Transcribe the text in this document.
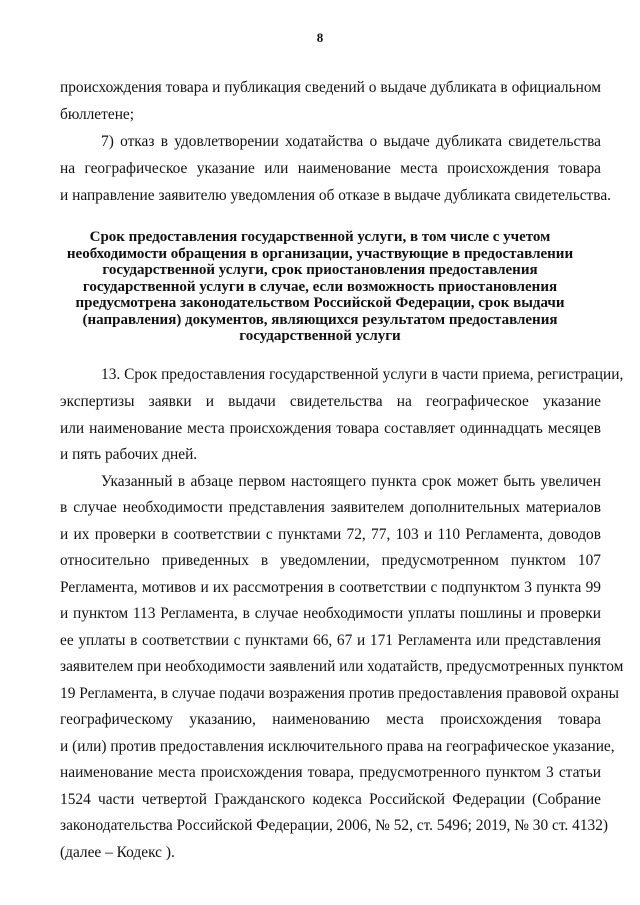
8
происхождения товара и публикация сведений о выдаче дубликата в официальном
бюллетене;
7) отказ в удовлетворении ходатайства о выдаче дубликата свидетельства
на географическое указание или наименование места происхождения товара
и направление заявителю уведомления об отказе в выдаче дубликата свидетельства.
Срок предоставления государственной услуги, в том числе с учетом
необходимости обращения в организации, участвующие в предоставлении
государственной услуги, срок приостановления предоставления
государственной услуги в случае, если возможность приостановления
предусмотрена законодательством Российской Федерации, срок выдачи
(направления) документов, являющихся результатом предоставления
государственной услуги
13. Срок предоставления государственной услуги в части приема, регистрации,
экспертизы заявки и выдачи свидетельства на географическое указание
или наименование места происхождения товара составляет одиннадцать месяцев
и пять рабочих дней.
Указанный в абзаце первом настоящего пункта срок может быть увеличен
в случае необходимости представления заявителем дополнительных материалов
и их проверки в соответствии с пунктами 72, 77, 103 и 110 Регламента, доводов
относительно приведенных в уведомлении, предусмотренном пунктом 107
Регламента, мотивов и их рассмотрения в соответствии с подпунктом 3 пункта 99
и пунктом 113 Регламента, в случае необходимости уплаты пошлины и проверки
ее уплаты в соответствии с пунктами 66, 67 и 171 Регламента или представления
заявителем при необходимости заявлений или ходатайств, предусмотренных пунктом
19 Регламента, в случае подачи возражения против предоставления правовой охраны
географическому указанию, наименованию места происхождения товара
и (или) против предоставления исключительного права на географическое указание,
наименование места происхождения товара, предусмотренного пунктом 3 статьи
1524 части четвертой Гражданского кодекса Российской Федерации (Собрание
законодательства Российской Федерации, 2006, № 52, ст. 5496; 2019, № 30 ст. 4132)
(далее – Кодекс ).
